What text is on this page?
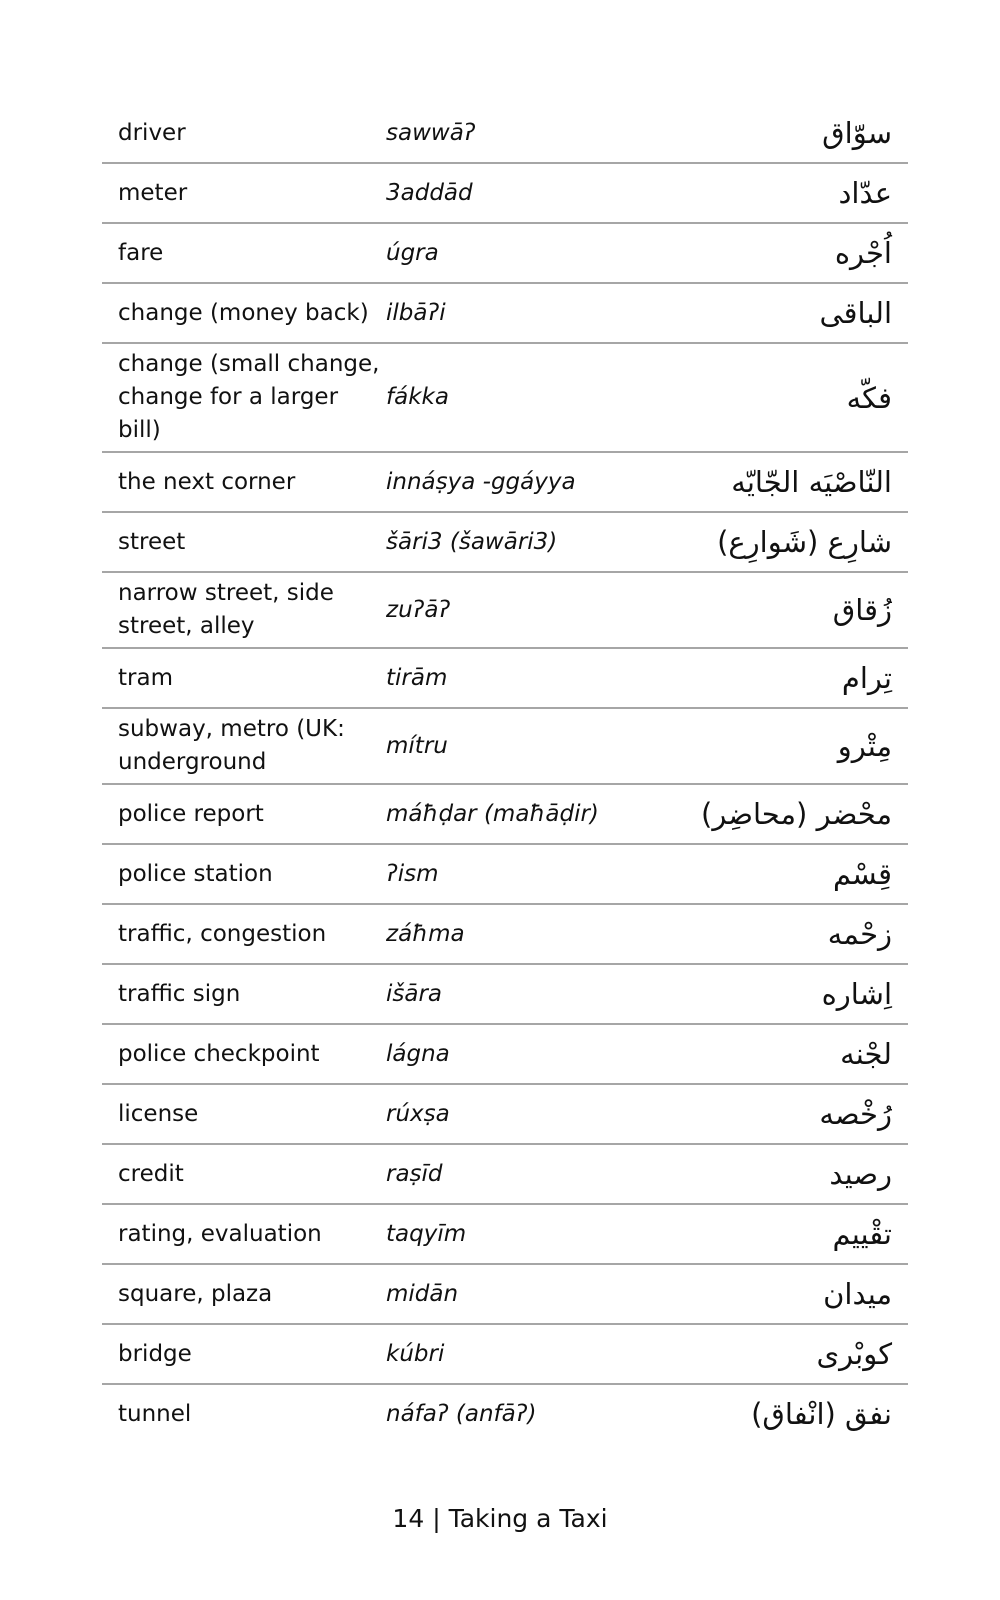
driver	sawwāʔ	سوّاق
meter	3addād	عدّاد
fare	úgra	اُجْره
change (money back)	ilbāʔi	الباقى
change (small change, change for a larger bill)	fákka	فكّه
the next corner	innáṣya -ggáyya	النّاصْيَه الجّايّه
street	šāri3 (šawāri3)	شارِع (شَوارِع)
narrow street, side street, alley	zuʔāʔ	زُقاق
tram	tirām	تِرام
subway, metro (UK: underground	mítru	مِتْرو
police report	máħḍar (maħāḍir)	محْضر (محاضِر)
police station	ʔism	قِسْم
traffic, congestion	záħma	زحْمه
traffic sign	išāra	اِشاره
police checkpoint	lágna	لجْنه
license	rúxṣa	رُخْصه
credit	raṣīd	رصيد
rating, evaluation	taqyīm	تقْييم
square, plaza	midān	ميدان
bridge	kúbri	كوبْرى
tunnel	náfaʔ (anfāʔ)	نفق (انْفاق)
14 | Taking a Taxi
